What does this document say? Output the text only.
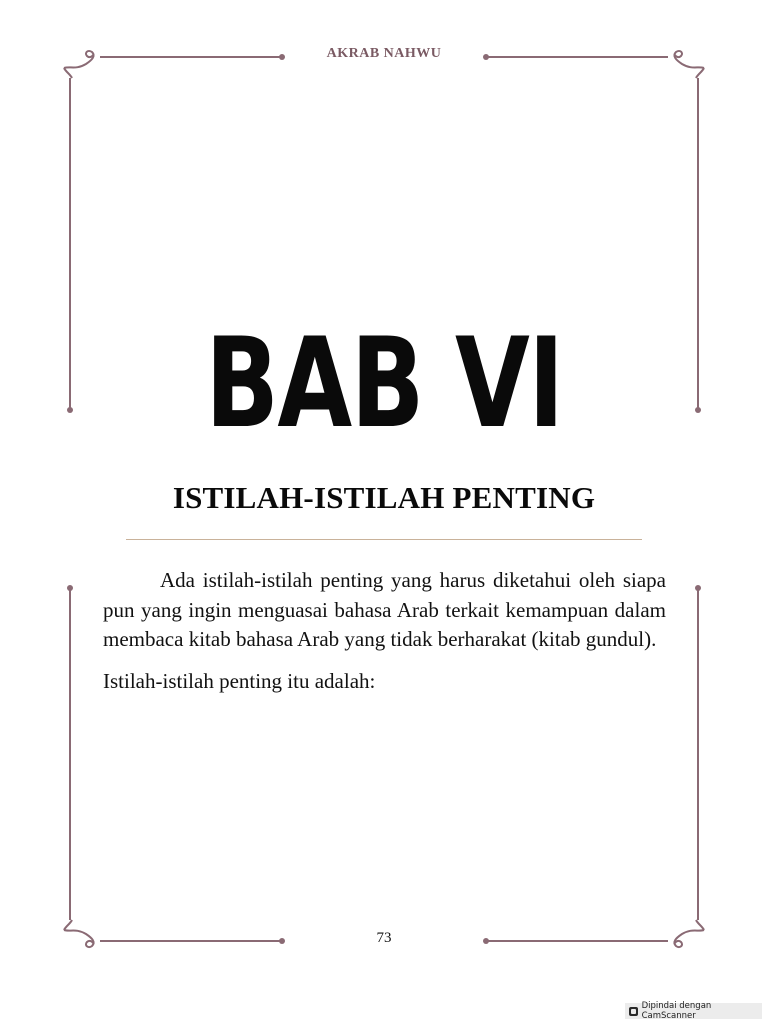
AKRAB NAHWU
BAB VI
ISTILAH-ISTILAH PENTING

Ada istilah-istilah penting yang harus diketahui oleh siapa pun yang ingin menguasai bahasa Arab terkait kemampuan dalam membaca kitab bahasa Arab yang tidak berharakat (kitab gundul).

Istilah-istilah penting itu adalah:

73
Dipindai dengan CamScanner
